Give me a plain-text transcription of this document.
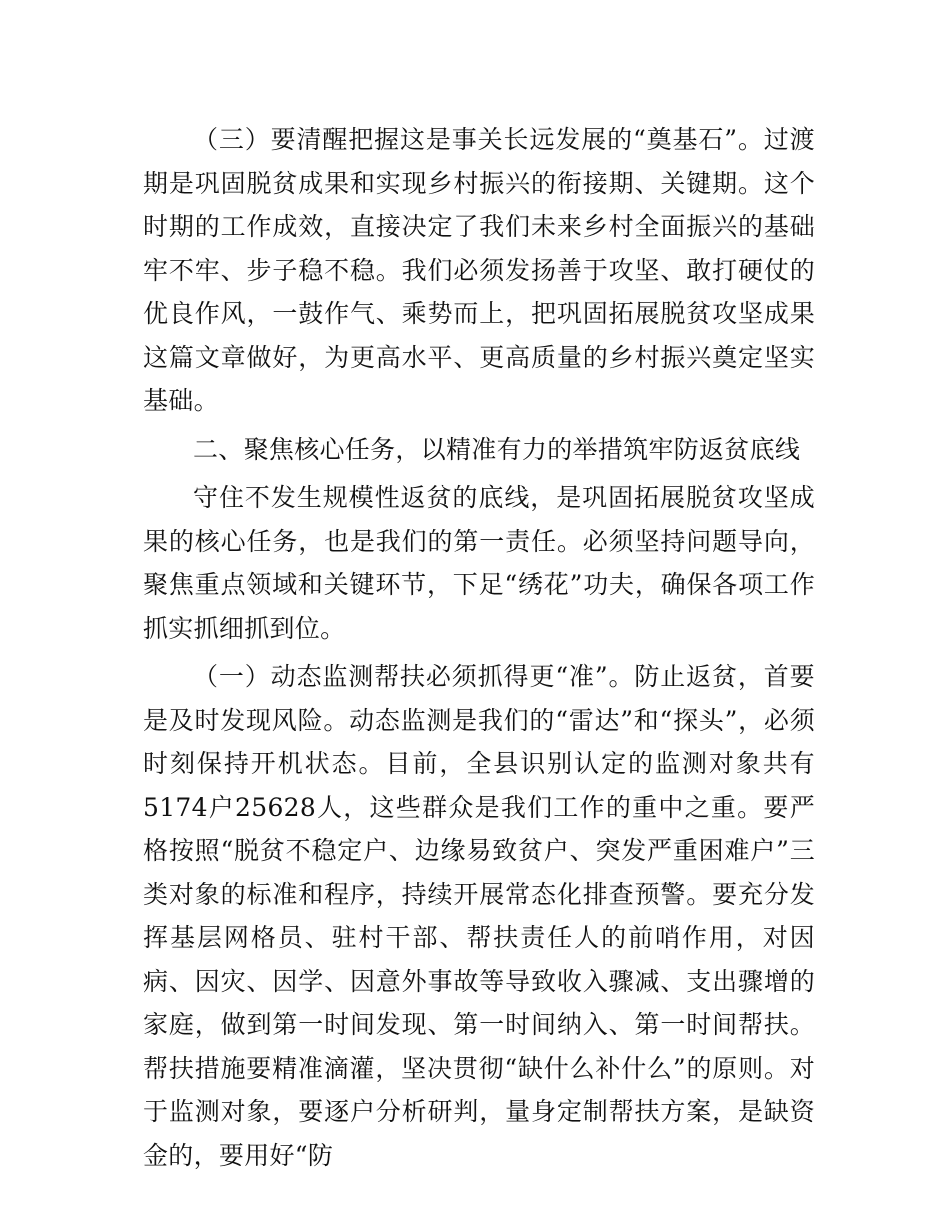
（三）要清醒把握这是事关长远发展的“奠基石”。过渡期是巩固脱贫成果和实现乡村振兴的衔接期、关键期。这个时期的工作成效，直接决定了我们未来乡村全面振兴的基础牢不牢、步子稳不稳。我们必须发扬善于攻坚、敢打硬仗的优良作风，一鼓作气、乘势而上，把巩固拓展脱贫攻坚成果这篇文章做好，为更高水平、更高质量的乡村振兴奠定坚实基础。

二、聚焦核心任务，以精准有力的举措筑牢防返贫底线

守住不发生规模性返贫的底线，是巩固拓展脱贫攻坚成果的核心任务，也是我们的第一责任。必须坚持问题导向，聚焦重点领域和关键环节，下足“绣花”功夫，确保各项工作抓实抓细抓到位。

（一）动态监测帮扶必须抓得更“准”。防止返贫，首要是及时发现风险。动态监测是我们的“雷达”和“探头”，必须时刻保持开机状态。目前，全县识别认定的监测对象共有5174户25628人，这些群众是我们工作的重中之重。要严格按照“脱贫不稳定户、边缘易致贫户、突发严重困难户”三类对象的标准和程序，持续开展常态化排查预警。要充分发挥基层网格员、驻村干部、帮扶责任人的前哨作用，对因病、因灾、因学、因意外事故等导致收入骤减、支出骤增的家庭，做到第一时间发现、第一时间纳入、第一时间帮扶。帮扶措施要精准滴灌，坚决贯彻“缺什么补什么”的原则。对于监测对象，要逐户分析研判，量身定制帮扶方案，是缺资金的，要用好“防
